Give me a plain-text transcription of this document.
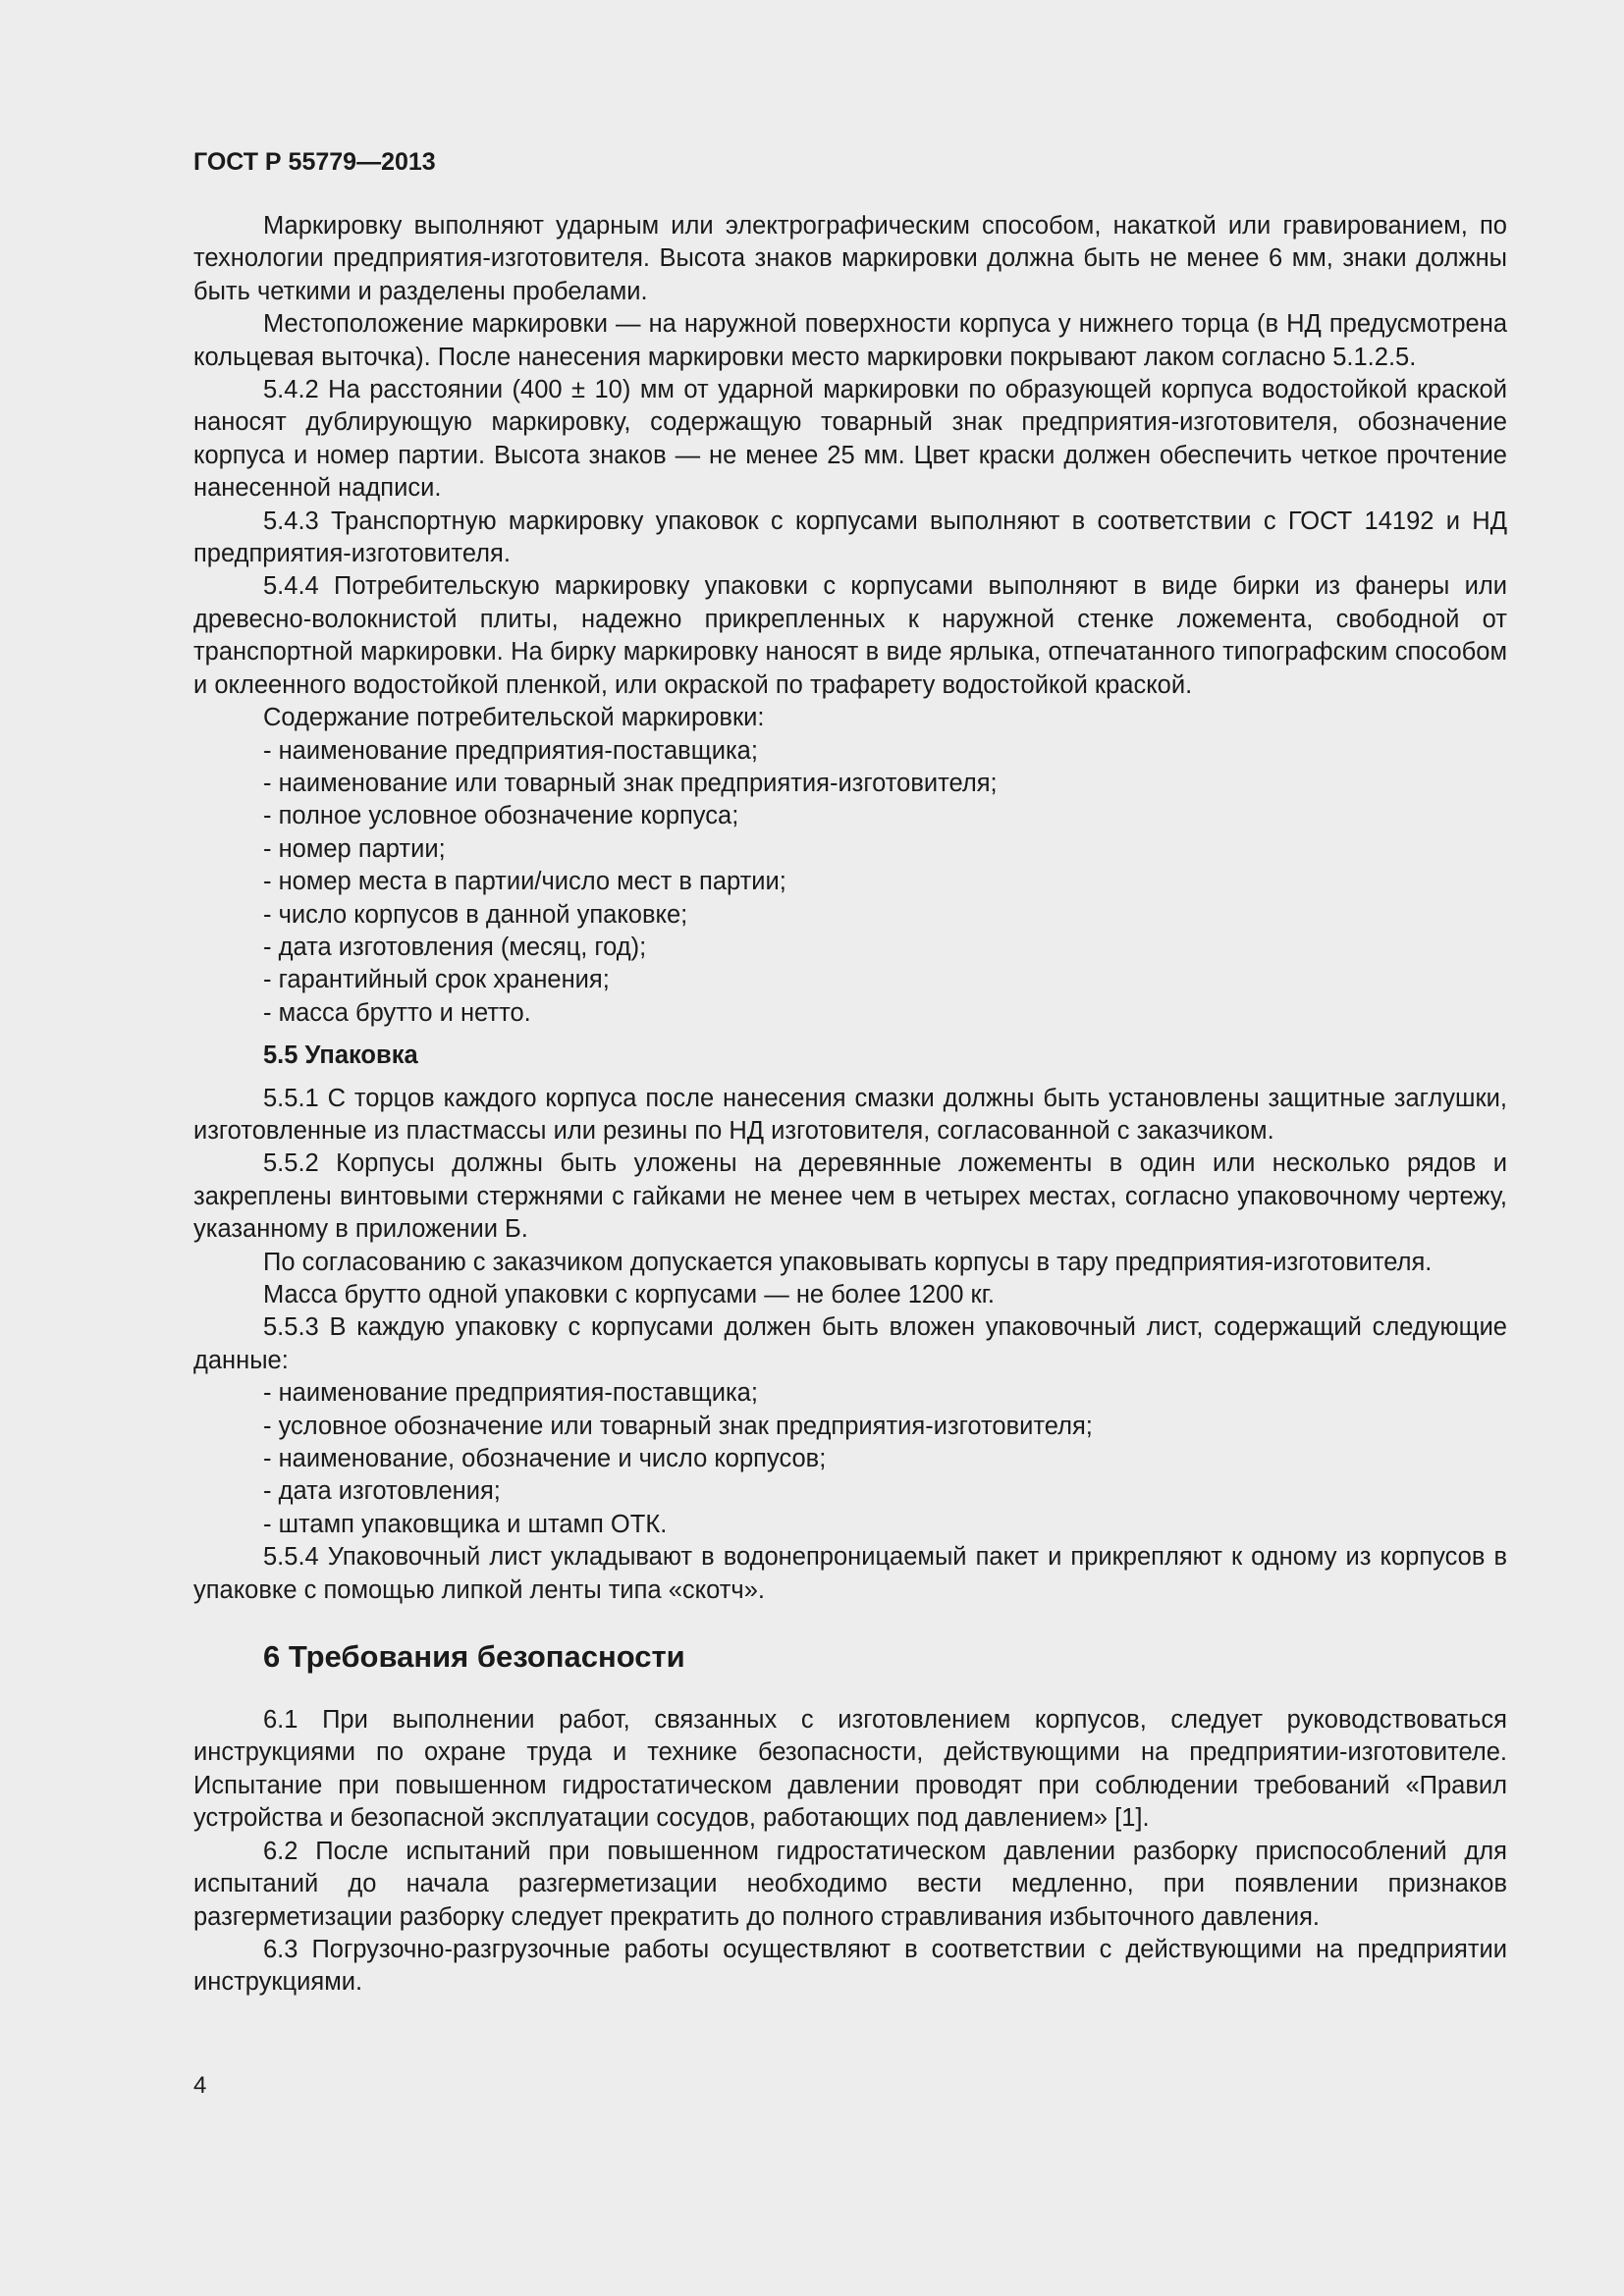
ГОСТ Р 55779—2013

Маркировку выполняют ударным или электрографическим способом, накаткой или гравированием, по технологии предприятия-изготовителя. Высота знаков маркировки должна быть не менее 6 мм, знаки должны быть четкими и разделены пробелами.

Местоположение маркировки — на наружной поверхности корпуса у нижнего торца (в НД предусмотрена кольцевая выточка). После нанесения маркировки место маркировки покрывают лаком согласно 5.1.2.5.

5.4.2 На расстоянии (400 ± 10) мм от ударной маркировки по образующей корпуса водостойкой краской наносят дублирующую маркировку, содержащую товарный знак предприятия-изготовителя, обозначение корпуса и номер партии. Высота знаков — не менее 25 мм. Цвет краски должен обеспечить четкое прочтение нанесенной надписи.

5.4.3 Транспортную маркировку упаковок с корпусами выполняют в соответствии с ГОСТ 14192 и НД предприятия-изготовителя.

5.4.4 Потребительскую маркировку упаковки с корпусами выполняют в виде бирки из фанеры или древесно-волокнистой плиты, надежно прикрепленных к наружной стенке ложемента, свободной от транспортной маркировки. На бирку маркировку наносят в виде ярлыка, отпечатанного типографским способом и оклеенного водостойкой пленкой, или окраской по трафарету водостойкой краской.

Содержание потребительской маркировки:

- наименование предприятия-поставщика;

- наименование или товарный знак предприятия-изготовителя;

- полное условное обозначение корпуса;

- номер партии;

- номер места в партии/число мест в партии;

- число корпусов в данной упаковке;

- дата изготовления (месяц, год);

- гарантийный срок хранения;

- масса брутто и нетто.

5.5 Упаковка

5.5.1 С торцов каждого корпуса после нанесения смазки должны быть установлены защитные заглушки, изготовленные из пластмассы или резины по НД изготовителя, согласованной с заказчиком.

5.5.2 Корпусы должны быть уложены на деревянные ложементы в один или несколько рядов и закреплены винтовыми стержнями с гайками не менее чем в четырех местах, согласно упаковочному чертежу, указанному в приложении Б.

По согласованию с заказчиком допускается упаковывать корпусы в тару предприятия-изготовителя.

Масса брутто одной упаковки с корпусами — не более 1200 кг.

5.5.3 В каждую упаковку с корпусами должен быть вложен упаковочный лист, содержащий следующие данные:

- наименование предприятия-поставщика;

- условное обозначение или товарный знак предприятия-изготовителя;

- наименование, обозначение и число корпусов;

- дата изготовления;

- штамп упаковщика и штамп ОТК.

5.5.4 Упаковочный лист укладывают в водонепроницаемый пакет и прикрепляют к одному из корпусов в упаковке с помощью липкой ленты типа «скотч».

6 Требования безопасности

6.1 При выполнении работ, связанных с изготовлением корпусов, следует руководствоваться инструкциями по охране труда и технике безопасности, действующими на предприятии-изготовителе. Испытание при повышенном гидростатическом давлении проводят при соблюдении требований «Правил устройства и безопасной эксплуатации сосудов, работающих под давлением» [1].

6.2 После испытаний при повышенном гидростатическом давлении разборку приспособлений для испытаний до начала разгерметизации необходимо вести медленно, при появлении признаков разгерметизации разборку следует прекратить до полного стравливания избыточного давления.

6.3 Погрузочно-разгрузочные работы осуществляют в соответствии с действующими на предприятии инструкциями.

4
